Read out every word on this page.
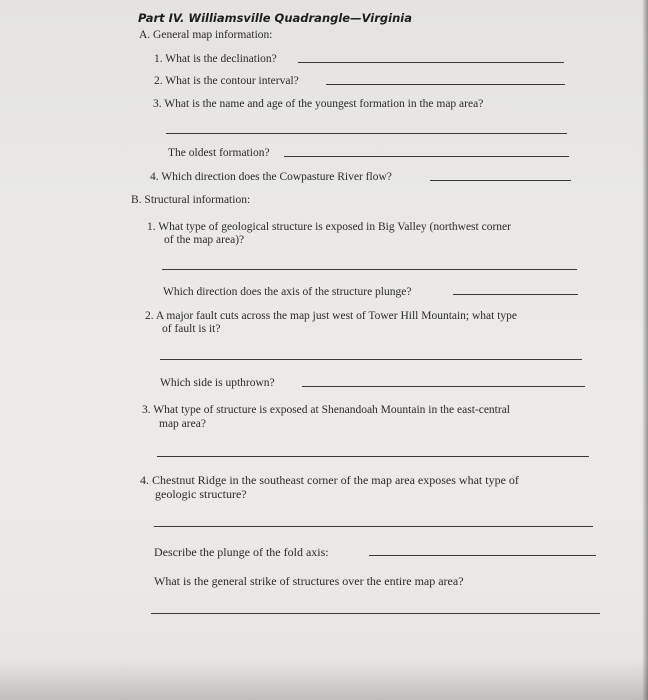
Part IV. Williamsville Quadrangle—Virginia
A. General map information:
1. What is the declination?
2. What is the contour interval?
3. What is the name and age of the youngest formation in the map area?
The oldest formation?
4. Which direction does the Cowpasture River flow?
B. Structural information:
1. What type of geological structure is exposed in Big Valley (northwest corner
of the map area)?
Which direction does the axis of the structure plunge?
2. A major fault cuts across the map just west of Tower Hill Mountain; what type
of fault is it?
Which side is upthrown?
3. What type of structure is exposed at Shenandoah Mountain in the east-central
map area?
4. Chestnut Ridge in the southeast corner of the map area exposes what type of
geologic structure?
Describe the plunge of the fold axis:
What is the general strike of structures over the entire map area?
